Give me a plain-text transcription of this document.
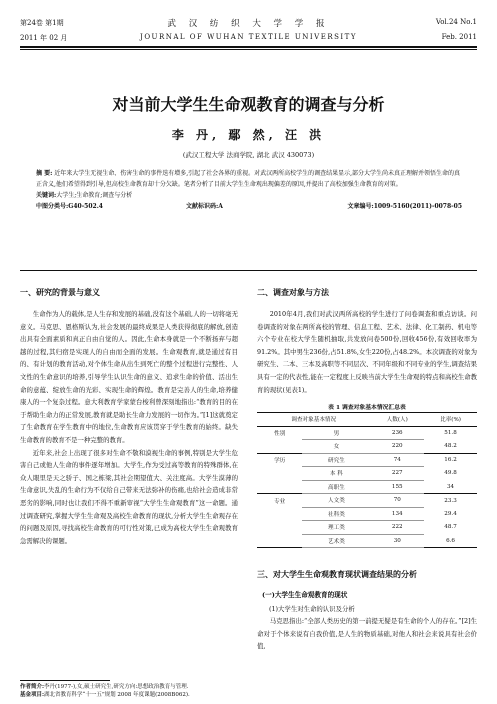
第24卷 第1期	武 汉 纺 织 大 学 学 报	Vol.24 No.1
2011 年 02 月	JOURNAL OF WUHAN TEXTILE UNIVERSITY	Feb. 2011
对当前大学生生命观教育的调查与分析
李 丹, 鄢 然, 汪 洪
(武汉工程大学 法商学院, 湖北 武汉 430073)
摘 要: 近年来大学生无视生命、伤害生命的事件迭有增多,引起了社会各界的重视。对武汉两所高校学生的调查结果显示,部分大学生尚未真正理解并领悟生命的真正含义,他们希望得到引导,但高校生命教育却十分欠缺。笔者分析了目前大学生生命观出现偏差的原因,并提出了高校加强生命教育的对策。
关键词:大学生;生命教育;调查与分析
中图分类号:G40-502.4	文献标识码:A	文章编号:1009-5160(2011)-0078-05
一、研究的背景与意义

生命作为人的载体,是人生存和发展的基础,没有这个基础,人的一切将毫无意义。马克思、恩格斯认为,社会发展的最终成果是人类获得彻底的解放,创造出具有全面素质和真正自由自觉的人。因此,生命本身就是一个不断扬弃与超越的过程,其归宿是实现人的自由而全面的发展。生命观教育,就是通过有目的、有计划的教育活动,对个体生命从出生到死亡的整个过程进行完整性、人文性的生命意识的培养,引导学生认识生命的意义、追求生命的价值、活出生命的意蕴、绽放生命的光彩、实现生命的辉煌。教育是完善人的生命,培养健康人的一个复杂过程。意大利教育学家蒙台梭利曾深刻地指出:“教育的目的在于帮助生命力的正常发展,教育就是助长生命力发展的一切作为。”[1]这就奠定了生命教育在学生教育中的地位,生命教育应该贯穿于学生教育的始终。缺失生命教育的教育不是一种完整的教育。

近年来,社会上出现了很多对生命不敬和漠视生命的事例,特别是大学生危害自己或他人生命的事件逐年增加。大学生,作为受过高等教育的特殊群体,在众人眼里是天之骄子、国之栋梁,其社会期望值大、关注度高。大学生漠薄的生命意识,失乱的生命行为不仅给自己带来无法弥补的伤痛,也给社会造成非常恶劣的影响,同时也让我们不得不重新审视“大学生生命观教育”这一命题。通过调查研究,掌握大学生生命观及高校生命教育的现状,分析大学生生命观存在的问题及原因,寻找高校生命教育的可行性对策,已成为高校大学生生命观教育急需解决的课题。

二、调查对象与方法

2010年4月,我们对武汉两所高校的学生进行了问卷调查和重点访谈。问卷调查的对象在两所高校的管理、信息工程、艺术、法律、化工制药、机电等六个专业在校大学生随机抽取,共发放问卷500份,回收456份,有效回收率为91.2%。其中男生236份,占51.8%,女生220份,占48.2%。本次调查的对象为研究生、二本、三本及高职等不同层次、不同年级和不同专业的学生,调查结果具有一定的代表性,能在一定程度上反映当前大学生生命观的特点和高校生命教育的现状(见表1)。

表 1 调查对象基本情况汇总表
调查对象基本情况		人数(人)	比率(%)
性别	男	236	51.8
	女	220	48.2
学历	研究生	74	16.2
	本 科	227	49.8
	高职生	155	34
专业	人文类	70	23.3
	社科类	134	29.4
	理工类	222	48.7
	艺术类	30	6.6
三、对大学生生命观教育现状调查结果的分析
(一)大学生生命观教育的现状
(1)大学生对生命的认识及分析

马克思指出:“全部人类历史的第一前提无疑是有生命的个人的存在。”[2]生命对于个体来说有自我价值,是人生的物质基础,对他人和社会来说具有社会价值,

作者简介:李丹(1977-),女,硕士研究生,研究方向:思想政治教育与管理.
基金项目:湖北省教育科学“十一五”规划 2008 年度课题(2008B062).
